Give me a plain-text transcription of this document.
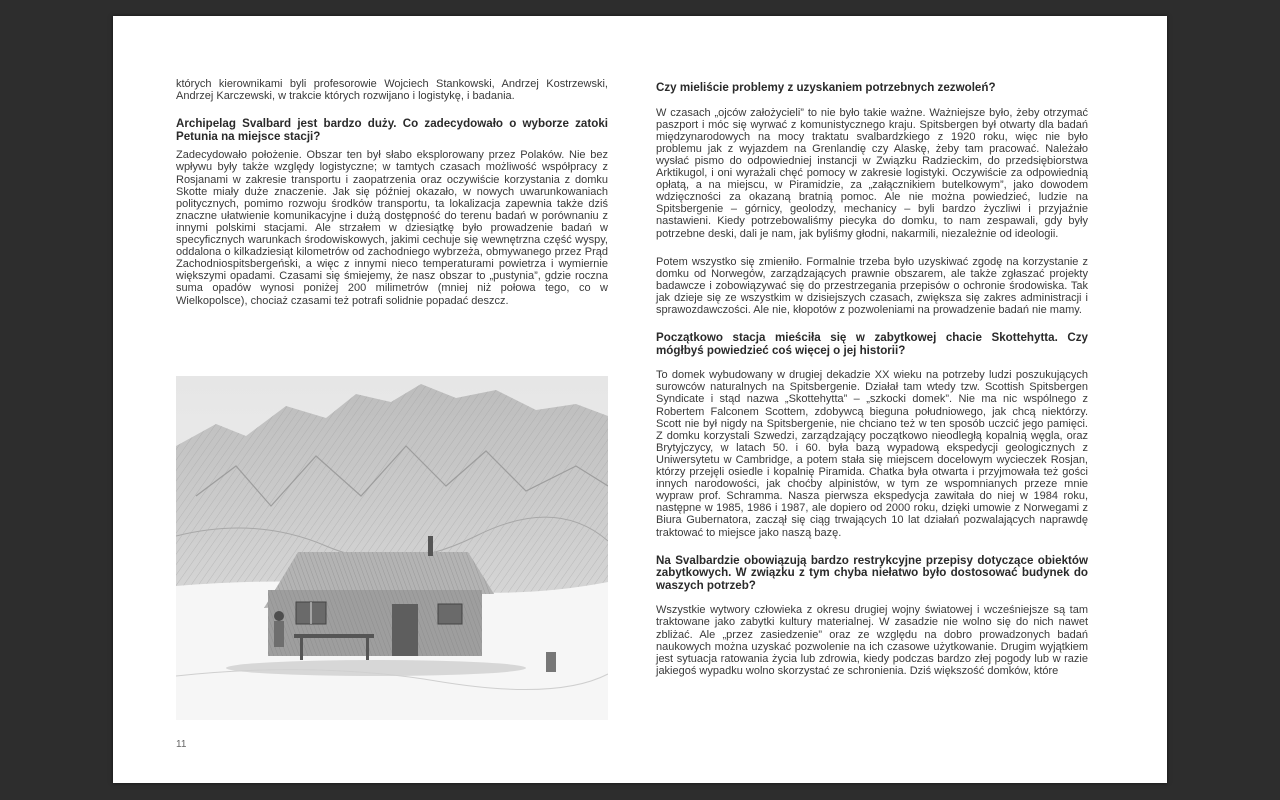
których kierownikami byli profesorowie Wojciech Stankowski, Andrzej Kostrzewski, Andrzej Karczewski, w trakcie których rozwijano i logistykę, i badania.

Archipelag Svalbard jest bardzo duży. Co zadecydowało o wyborze zatoki Petunia na miejsce stacji?

Zadecydowało położenie. Obszar ten był słabo eksplorowany przez Polaków. Nie bez wpływu były także względy logistyczne; w tamtych czasach możliwość współpracy z Rosjanami w zakresie transportu i zaopatrzenia oraz oczywiście korzystania z domku Skotte miały duże znaczenie. Jak się później okazało, w nowych uwarunkowaniach politycznych, pomimo rozwoju środków transportu, ta lokalizacja zapewnia także dziś znaczne ułatwienie komunikacyjne i dużą dostępność do terenu badań w porównaniu z innymi polskimi stacjami. Ale strzałem w dziesiątkę było prowadzenie badań w specyficznych warunkach środowiskowych, jakimi cechuje się wewnętrzna część wyspy, oddalona o kilkadziesiąt kilometrów od zachodniego wybrzeża, obmywanego przez Prąd Zachodniospitsbergeński, a więc z innymi nieco temperaturami powietrza i wymiernie większymi opadami. Czasami się śmiejemy, że nasz obszar to „pustynia”, gdzie roczna suma opadów wynosi poniżej 200 milimetrów (mniej niż połowa tego, co w Wielkopolsce), chociaż czasami też potrafi solidnie popadać deszcz.

Czy mieliście problemy z uzyskaniem potrzebnych zezwoleń?

W czasach „ojców założycieli” to nie było takie ważne. Ważniejsze było, żeby otrzymać paszport i móc się wyrwać z komunistycznego kraju. Spitsbergen był otwarty dla badań międzynarodowych na mocy traktatu svalbardzkiego z 1920 roku, więc nie było problemu jak z wyjazdem na Grenlandię czy Alaskę, żeby tam pracować. Należało wysłać pismo do odpowiedniej instancji w Związku Radzieckim, do przedsiębiorstwa Arktikugol, i oni wyrażali chęć pomocy w zakresie logistyki. Oczywiście za odpowiednią opłatą, a na miejscu, w Piramidzie, za „załącznikiem butelkowym”, jako dowodem wdzięczności za okazaną bratnią pomoc. Ale nie można powiedzieć, ludzie na Spitsbergenie – górnicy, geolodzy, mechanicy – byli bardzo życzliwi i przyjaźnie nastawieni. Kiedy potrzebowaliśmy piecyka do domku, to nam zespawali, gdy były potrzebne deski, dali je nam, jak byliśmy głodni, nakarmili, niezależnie od ideologii.

Potem wszystko się zmieniło. Formalnie trzeba było uzyskiwać zgodę na korzystanie z domku od Norwegów, zarządzających prawnie obszarem, ale także zgłaszać projekty badawcze i zobowiązywać się do przestrzegania przepisów o ochronie środowiska. Tak jak dzieje się ze wszystkim w dzisiejszych czasach, zwiększa się zakres administracji i sprawozdawczości. Ale nie, kłopotów z pozwoleniami na prowadzenie badań nie mamy.

Początkowo stacja mieściła się w zabytkowej chacie Skottehytta. Czy mógłbyś powiedzieć coś więcej o jej historii?

To domek wybudowany w drugiej dekadzie XX wieku na potrzeby ludzi poszukujących surowców naturalnych na Spitsbergenie. Działał tam wtedy tzw. Scottish Spitsbergen Syndicate i stąd nazwa „Skottehytta” – „szkocki domek”. Nie ma nic wspólnego z Robertem Falconem Scottem, zdobywcą bieguna południowego, jak chcą niektórzy. Scott nie był nigdy na Spitsbergenie, nie chciano też w ten sposób uczcić jego pamięci. Z domku korzystali Szwedzi, zarządzający początkowo nieodległą kopalnią węgla, oraz Brytyjczycy, w latach 50. i 60. była bazą wypadową ekspedycji geologicznych z Uniwersytetu w Cambridge, a potem stała się miejscem docelowym wycieczek Rosjan, którzy przejęli osiedle i kopalnię Piramida. Chatka była otwarta i przyjmowała też gości innych narodowości, jak choćby alpinistów, w tym ze wspomnianych przeze mnie wypraw prof. Schramma. Nasza pierwsza ekspedycja zawitała do niej w 1984 roku, następne w 1985, 1986 i 1987, ale dopiero od 2000 roku, dzięki umowie z Norwegami z Biura Gubernatora, zaczął się ciąg trwających 10 lat działań pozwalających naprawdę traktować to miejsce jako naszą bazę.

Na Svalbardzie obowiązują bardzo restrykcyjne przepisy dotyczące obiektów zabytkowych. W związku z tym chyba niełatwo było dostosować budynek do waszych potrzeb?

Wszystkie wytwory człowieka z okresu drugiej wojny światowej i wcześniejsze są tam traktowane jako zabytki kultury materialnej. W zasadzie nie wolno się do nich nawet zbliżać. Ale „przez zasiedzenie” oraz ze względu na dobro prowadzonych badań naukowych można uzyskać pozwolenie na ich czasowe użytkowanie. Drugim wyjątkiem jest sytuacja ratowania życia lub zdrowia, kiedy podczas bardzo złej pogody lub w razie jakiegoś wypadku wolno skorzystać ze schronienia. Dziś większość domków, które

11
